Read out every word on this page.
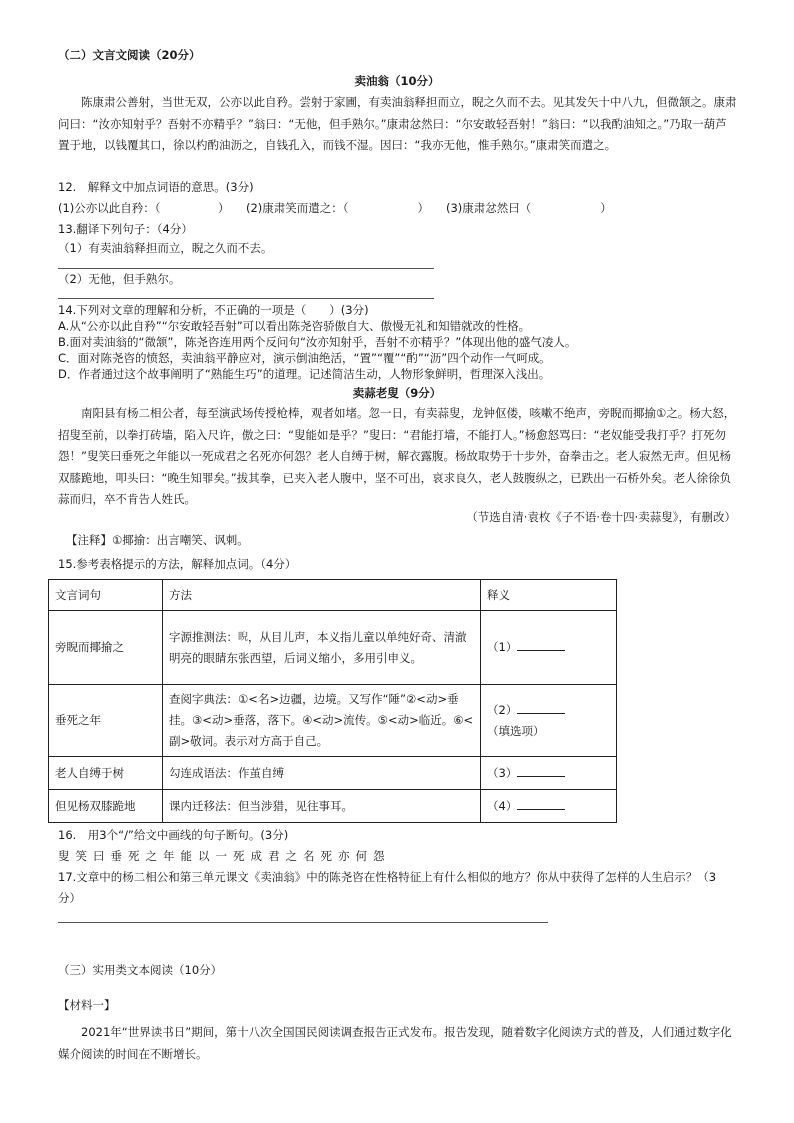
（二）文言文阅读（20分）
卖油翁（10分）
陈康肃公善射，当世无双，公亦以此自矜。尝射于家圃，有卖油翁释担而立，睨之久而不去。见其发矢十中八九，但微颔之。康肃问曰：“汝亦知射乎？吾射不亦精乎？”翁曰：“无他，但手熟尔。”康肃忿然曰：“尔安敢轻吾射！”翁曰：“以我酌油知之。”乃取一葫芦置于地，以钱覆其口，徐以杓酌油沥之，自钱孔入，而钱不湿。因曰：“我亦无他，惟手熟尔。”康肃笑而遣之。
12.　解释文中加点词语的意思。(3分)
(1)公亦以此自矜：（　　　　　） (2)康肃笑而遣之：（　　　　　　） (3)康肃忿然曰（　　　　　　）
13.翻译下列句子：（4分）
（1）有卖油翁释担而立，睨之久而不去。
（2）无他，但手熟尔。
14.下列对文章的理解和分析，不正确的一项是（　　）(3分)
A.从“公亦以此自矜”“尔安敢轻吾射”可以看出陈尧咨骄傲自大、傲慢无礼和知错就改的性格。
B.面对卖油翁的“微颔”，陈尧咨连用两个反问句“汝亦知射乎，吾射不亦精乎？”体现出他的盛气凌人。
C．面对陈尧咨的愤怒，卖油翁平静应对，演示倒油绝活，“置”“覆”“酌”“沥”四个动作一气呵成。
D．作者通过这个故事阐明了“熟能生巧”的道理。记述简洁生动，人物形象鲜明，哲理深入浅出。
卖蒜老叟（9分）
南阳县有杨二相公者，每至演武场传授枪棒，观者如堵。忽一日，有卖蒜叟，龙钟伛偻，咳嗽不绝声，旁睨而揶揄①之。杨大怒，招叟至前，以拳打砖墙，陷入尺许，傲之曰：“叟能如是乎？”叟曰：“君能打墙，不能打人。”杨愈怒骂曰：“老奴能受我打乎？打死勿怨！”叟笑曰垂死之年能以一死成君之名死亦何怨？老人自缚于树，解衣露腹。杨故取势于十步外，奋拳击之。老人寂然无声。但见杨双膝跪地，叩头曰：“晚生知罪矣。”拔其拳，已夹入老人腹中，坚不可出，哀求良久，老人鼓腹纵之，已跌出一石桥外矣。老人徐徐负蒜而归，卒不肯告人姓氏。
（节选自清·袁枚《子不语·卷十四·卖蒜叟》，有删改）
【注释】①揶揄：出言嘲笑、讽刺。
15.参考表格提示的方法，解释加点词。（4分）
文言词句	方法	释义
旁睨而揶揄之	字源推测法：睨，从目儿声，本义指儿童以单纯好奇、清澈明亮的眼睛东张西望，后词义缩小，多用引申义。	（1）
垂死之年	查阅字典法：①<名>边疆，边境。又写作“陲”②<动>垂挂。③<动>垂落，落下。④<动>流传。⑤<动>临近。⑥<副>敬词。表示对方高于自己。	（2）
（填选项）
老人自缚于树	勾连成语法：作茧自缚	（3）
但见杨双膝跪地	课内迁移法：但当涉猎，见往事耳。	（4）
16.　用3个“/”给文中画线的句子断句。(3分)
叟笑曰垂死之年能以一死成君之名死亦何怨
17.文章中的杨二相公和第三单元课文《卖油翁》中的陈尧咨在性格特征上有什么相似的地方？你从中获得了怎样的人生启示？（3
分）
（三）实用类文本阅读（10分）
【材料一】
2021年“世界读书日”期间，第十八次全国国民阅读调查报告正式发布。报告发现，随着数字化阅读方式的普及，人们通过数字化媒介阅读的时间在不断增长。
